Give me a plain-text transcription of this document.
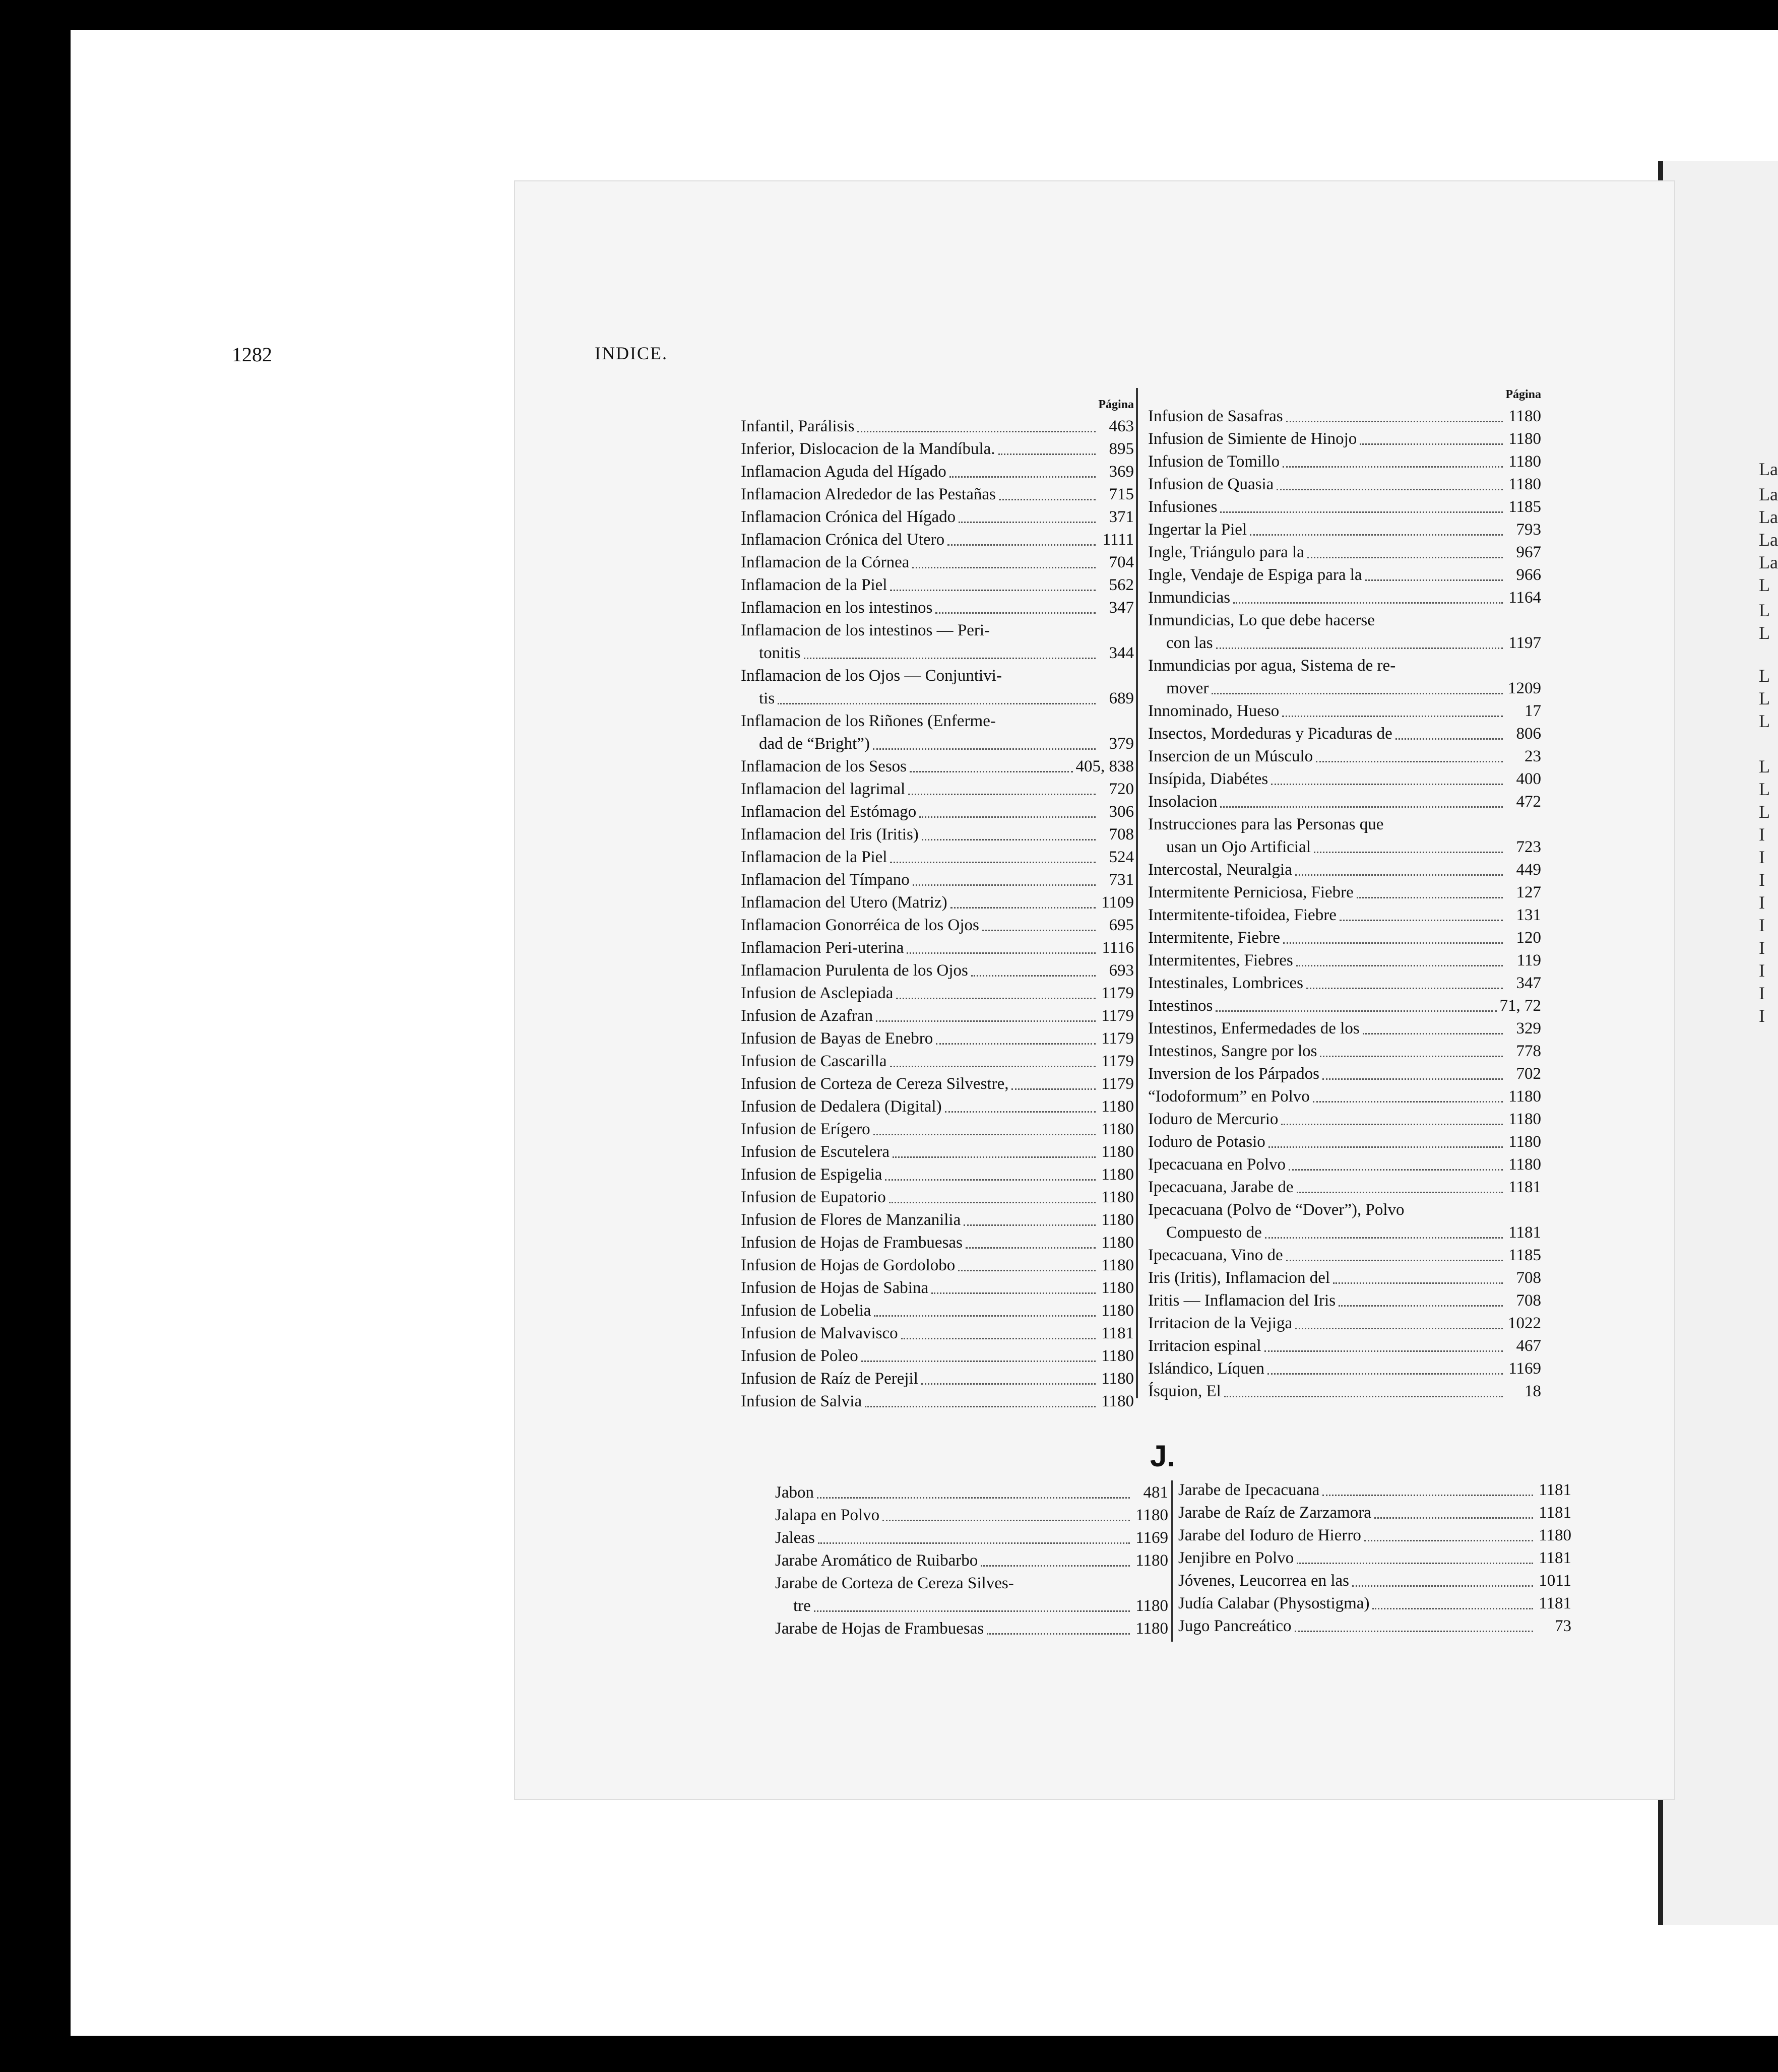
La
La
La
La
La
L
L
L
L
L
L
L
L
L
I
I
I
I
I
I
I
I
I
1282	INDICE.
Página
Infantil, Parálisis	463
Inferior, Dislocacion de la Mandíbula.	895
Inflamacion Aguda del Hígado	369
Inflamacion Alrededor de las Pestañas	715
Inflamacion Crónica del Hígado	371
Inflamacion Crónica del Utero	1111
Inflamacion de la Córnea	704
Inflamacion de la Piel	562
Inflamacion en los intestinos	347
Inflamacion de los intestinos — Peri-
tonitis	344
Inflamacion de los Ojos — Conjuntivi-
tis	689
Inflamacion de los Riñones (Enferme-
dad de “Bright”)	379
Inflamacion de los Sesos	405, 838
Inflamacion del lagrimal	720
Inflamacion del Estómago	306
Inflamacion del Iris (Iritis)	708
Inflamacion de la Piel	524
Inflamacion del Tímpano	731
Inflamacion del Utero (Matriz)	1109
Inflamacion Gonorréica de los Ojos	695
Inflamacion Peri-uterina	1116
Inflamacion Purulenta de los Ojos	693
Infusion de Asclepiada	1179
Infusion de Azafran	1179
Infusion de Bayas de Enebro	1179
Infusion de Cascarilla	1179
Infusion de Corteza de Cereza Silvestre,	1179
Infusion de Dedalera (Digital)	1180
Infusion de Erígero	1180
Infusion de Escutelera	1180
Infusion de Espigelia	1180
Infusion de Eupatorio	1180
Infusion de Flores de Manzanilia	1180
Infusion de Hojas de Frambuesas	1180
Infusion de Hojas de Gordolobo	1180
Infusion de Hojas de Sabina	1180
Infusion de Lobelia	1180
Infusion de Malvavisco	1181
Infusion de Poleo	1180
Infusion de Raíz de Perejil	1180
Infusion de Salvia	1180
Página
Infusion de Sasafras	1180
Infusion de Simiente de Hinojo	1180
Infusion de Tomillo	1180
Infusion de Quasia	1180
Infusiones	1185
Ingertar la Piel	793
Ingle, Triángulo para la	967
Ingle, Vendaje de Espiga para la	966
Inmundicias	1164
Inmundicias, Lo que debe hacerse
con las	1197
Inmundicias por agua, Sistema de re-
mover	1209
Innominado, Hueso	17
Insectos, Mordeduras y Picaduras de	806
Insercion de un Músculo	23
Insípida, Diabétes	400
Insolacion	472
Instrucciones para las Personas que
usan un Ojo Artificial	723
Intercostal, Neuralgia	449
Intermitente Perniciosa, Fiebre	127
Intermitente-tifoidea, Fiebre	131
Intermitente, Fiebre	120
Intermitentes, Fiebres	119
Intestinales, Lombrices	347
Intestinos	71, 72
Intestinos, Enfermedades de los	329
Intestinos, Sangre por los	778
Inversion de los Párpados	702
“Iodoformum” en Polvo	1180
Ioduro de Mercurio	1180
Ioduro de Potasio	1180
Ipecacuana en Polvo	1180
Ipecacuana, Jarabe de	1181
Ipecacuana (Polvo de “Dover”), Polvo
Compuesto de	1181
Ipecacuana, Vino de	1185
Iris (Iritis), Inflamacion del	708
Iritis — Inflamacion del Iris	708
Irritacion de la Vejiga	1022
Irritacion espinal	467
Islándico, Líquen	1169
Ísquion, El	18
J.
Jabon	481
Jalapa en Polvo	1180
Jaleas	1169
Jarabe Aromático de Ruibarbo	1180
Jarabe de Corteza de Cereza Silves-
tre	1180
Jarabe de Hojas de Frambuesas	1180
Jarabe de Ipecacuana	1181
Jarabe de Raíz de Zarzamora	1181
Jarabe del Ioduro de Hierro	1180
Jenjibre en Polvo	1181
Jóvenes, Leucorrea en las	1011
Judía Calabar (Physostigma)	1181
Jugo Pancreático	73
